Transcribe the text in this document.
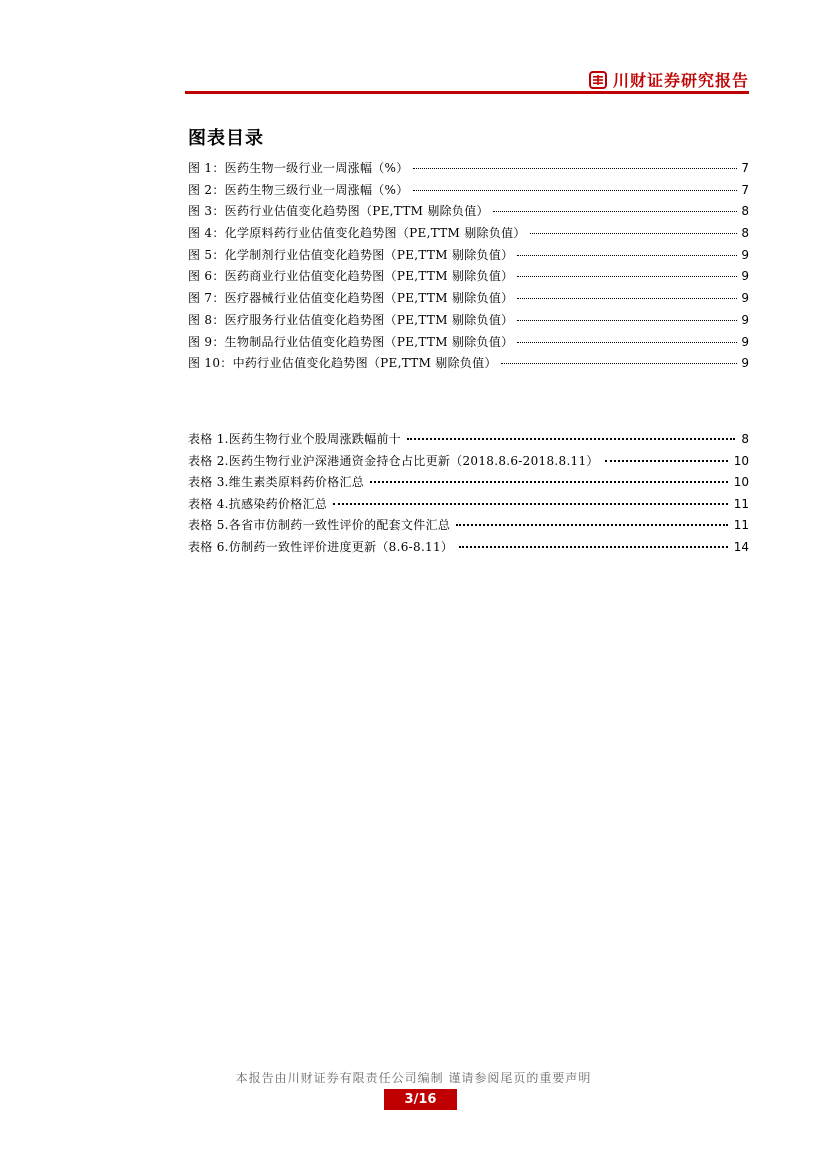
川财证券研究报告
图表目录
图 1：医药生物一级行业一周涨幅（%）	7
图 2：医药生物三级行业一周涨幅（%）	7
图 3：医药行业估值变化趋势图（PE,TTM 剔除负值）	8
图 4：化学原料药行业估值变化趋势图（PE,TTM 剔除负值）	8
图 5：化学制剂行业估值变化趋势图（PE,TTM 剔除负值）	9
图 6：医药商业行业估值变化趋势图（PE,TTM 剔除负值）	9
图 7：医疗器械行业估值变化趋势图（PE,TTM 剔除负值）	9
图 8：医疗服务行业估值变化趋势图（PE,TTM 剔除负值）	9
图 9：生物制品行业估值变化趋势图（PE,TTM 剔除负值）	9
图 10：中药行业估值变化趋势图（PE,TTM 剔除负值）	9
表格 1.医药生物行业个股周涨跌幅前十	8
表格 2.医药生物行业沪深港通资金持仓占比更新（2018.8.6-2018.8.11）	10
表格 3.维生素类原料药价格汇总	10
表格 4.抗感染药价格汇总	11
表格 5.各省市仿制药一致性评价的配套文件汇总	11
表格 6.仿制药一致性评价进度更新（8.6-8.11）	14
本报告由川财证券有限责任公司编制 谨请参阅尾页的重要声明
3/16
